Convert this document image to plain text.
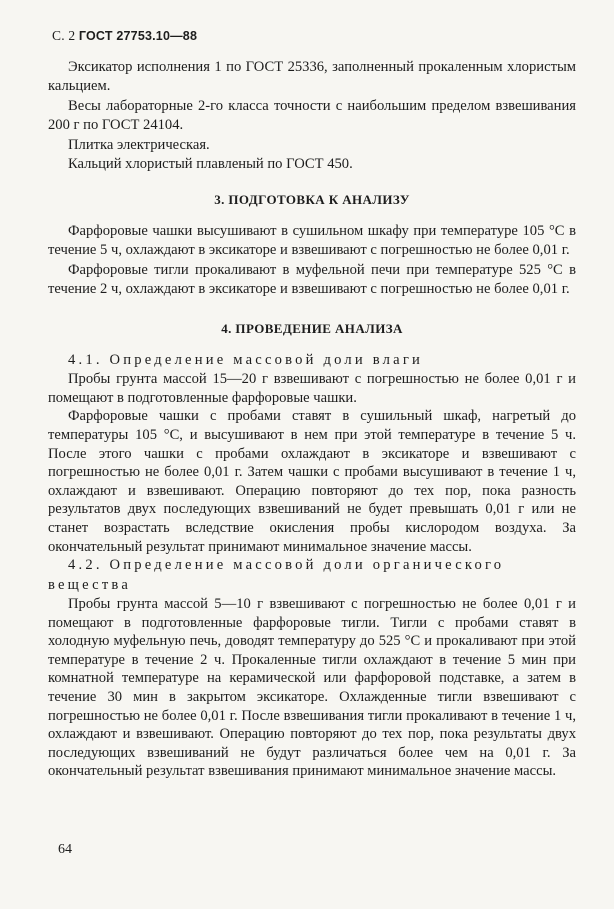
С. 2 ГОСТ 27753.10—88

Эксикатор исполнения 1 по ГОСТ 25336, заполненный прокаленным хлористым кальцием.

Весы лабораторные 2-го класса точности с наибольшим пределом взвешивания 200 г по ГОСТ 24104.

Плитка электрическая.

Кальций хлористый плавленый по ГОСТ 450.

3. ПОДГОТОВКА К АНАЛИЗУ

Фарфоровые чашки высушивают в сушильном шкафу при температуре 105 °С в течение 5 ч, охлаждают в эксикаторе и взвешивают с погрешностью не более 0,01 г.

Фарфоровые тигли прокаливают в муфельной печи при температуре 525 °С в течение 2 ч, охлаждают в эксикаторе и взвешивают с погрешностью не более 0,01 г.

4. ПРОВЕДЕНИЕ АНАЛИЗА

4.1. Определение массовой доли влаги

Пробы грунта массой 15—20 г взвешивают с погрешностью не более 0,01 г и помещают в подготовленные фарфоровые чашки.

Фарфоровые чашки с пробами ставят в сушильный шкаф, нагретый до температуры 105 °С, и высушивают в нем при этой температуре в течение 5 ч. После этого чашки с пробами охлаждают в эксикаторе и взвешивают с погрешностью не более 0,01 г. Затем чашки с пробами высушивают в течение 1 ч, охлаждают и взвешивают. Операцию повторяют до тех пор, пока разность результатов двух последующих взвешиваний не будет превышать 0,01 г или не станет возрастать вследствие окисления пробы кислородом воздуха. За окончательный результат принимают минимальное значение массы.

4.2. Определение массовой доли органического вещества

Пробы грунта массой 5—10 г взвешивают с погрешностью не более 0,01 г и помещают в подготовленные фарфоровые тигли. Тигли с пробами ставят в холодную муфельную печь, доводят температуру до 525 °С и прокаливают при этой температуре в течение 2 ч. Прокаленные тигли охлаждают в течение 5 мин при комнатной температуре на керамической или фарфоровой подставке, а затем в течение 30 мин в закрытом эксикаторе. Охлажденные тигли взвешивают с погрешностью не более 0,01 г. После взвешивания тигли прокаливают в течение 1 ч, охлаждают и взвешивают. Операцию повторяют до тех пор, пока результаты двух последующих взвешиваний не будут различаться более чем на 0,01 г. За окончательный результат взвешивания принимают минимальное значение массы.

64
